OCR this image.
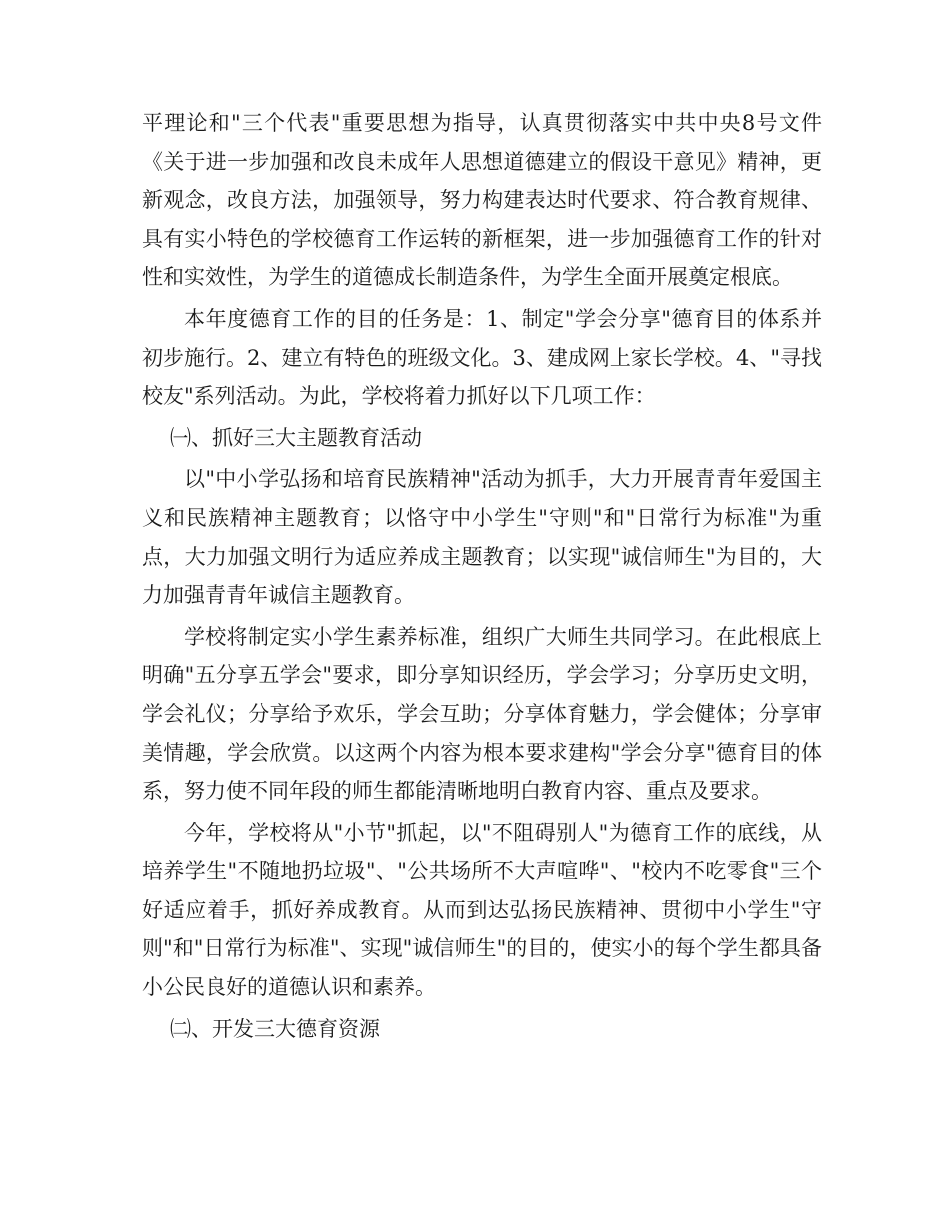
平理论和"三个代表"重要思想为指导，认真贯彻落实中共中央8号文件《关于进一步加强和改良未成年人思想道德建立的假设干意见》精神，更新观念，改良方法，加强领导，努力构建表达时代要求、符合教育规律、具有实小特色的学校德育工作运转的新框架，进一步加强德育工作的针对性和实效性，为学生的道德成长制造条件，为学生全面开展奠定根底。

本年度德育工作的目的任务是：1、制定"学会分享"德育目的体系并初步施行。2、建立有特色的班级文化。3、建成网上家长学校。4、"寻找校友"系列活动。为此，学校将着力抓好以下几项工作：

㈠、抓好三大主题教育活动

以"中小学弘扬和培育民族精神"活动为抓手，大力开展青青年爱国主义和民族精神主题教育；以恪守中小学生"守则"和"日常行为标准"为重点，大力加强文明行为适应养成主题教育；以实现"诚信师生"为目的，大力加强青青年诚信主题教育。

学校将制定实小学生素养标准，组织广大师生共同学习。在此根底上明确"五分享五学会"要求，即分享知识经历，学会学习；分享历史文明，学会礼仪；分享给予欢乐，学会互助；分享体育魅力，学会健体；分享审美情趣，学会欣赏。以这两个内容为根本要求建构"学会分享"德育目的体系，努力使不同年段的师生都能清晰地明白教育内容、重点及要求。

今年，学校将从"小节"抓起，以"不阻碍别人"为德育工作的底线，从培养学生"不随地扔垃圾"、"公共场所不大声喧哗"、"校内不吃零食"三个好适应着手，抓好养成教育。从而到达弘扬民族精神、贯彻中小学生"守则"和"日常行为标准"、实现"诚信师生"的目的，使实小的每个学生都具备小公民良好的道德认识和素养。

㈡、开发三大德育资源
